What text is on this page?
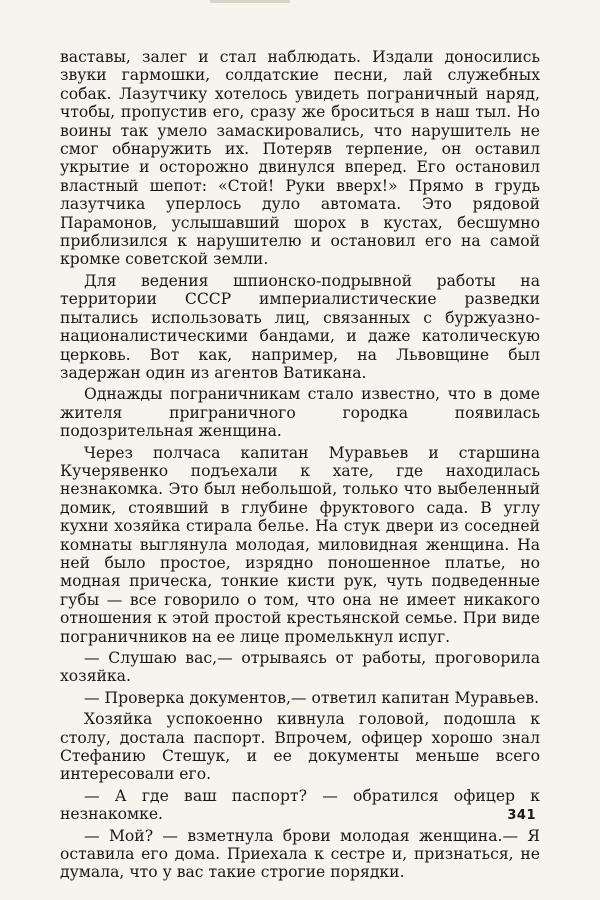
вaставы, залег и стал наблюдать. Издали доносились звуки гармошки, солдатские песни, лай служебных собак. Лазутчику хотелось увидеть пограничный наряд, чтобы, пропустив его, сразу же броситься в наш тыл. Но воины так умело замаскировались, что нарушитель не смог обнаружить их. Потеряв терпение, он оставил укрытие и осторожно двинулся вперед. Его остановил властный шепот: «Стой! Руки вверх!» Прямо в грудь лазутчика уперлось дуло автомата. Это рядовой Парамонов, услышавший шорох в кустах, бесшумно приблизился к нарушителю и остановил его на самой кромке советской земли.

Для ведения шпионско-подрывной работы на территории СССР империалистические разведки пытались использовать лиц, связанных с буржуазно-националистическими бандами, и даже католическую церковь. Вот как, например, на Львовщине был задержан один из агентов Ватикана.

Однажды пограничникам стало известно, что в доме жителя приграничного городка появилась подозрительная женщина.

Через полчаса капитан Муравьев и старшина Кучерявенко подъехали к хате, где находилась незнакомка. Это был небольшой, только что выбеленный домик, стоявший в глубине фруктового сада. В углу кухни хозяйка стирала белье. На стук двери из соседней комнаты выглянула молодая, миловидная женщина. На ней было простое, изрядно поношенное платье, но модная прическа, тонкие кисти рук, чуть подведенные губы — все говорило о том, что она не имеет никакого отношения к этой простой крестьянской семье. При виде пограничников на ее лице промелькнул испуг.

— Слушаю вас,— отрываясь от работы, проговорила хозяйка.

— Проверка документов,— ответил капитан Муравьев.

Хозяйка успокоенно кивнула головой, подошла к столу, достала паспорт. Впрочем, офицер хорошо знал Стефанию Стешук, и ее документы меньше всего интересовали его.

— А где ваш паспорт? — обратился офицер к незнакомке.

— Мой? — взметнула брови молодая женщина.— Я оставила его дома. Приехала к сестре и, признаться, не думала, что у вас такие строгие порядки.

341
